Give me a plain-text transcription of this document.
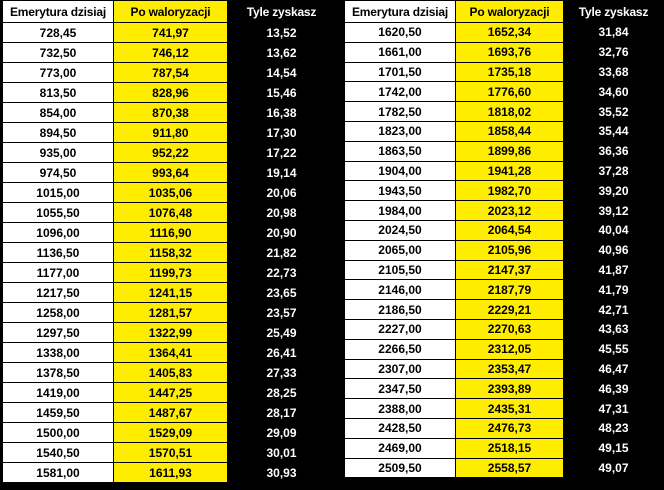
Emerytura dzisiaj	Po waloryzacji	Tyle zyskasz
728,45	741,97	13,52
732,50	746,12	13,62
773,00	787,54	14,54
813,50	828,96	15,46
854,00	870,38	16,38
894,50	911,80	17,30
935,00	952,22	17,22
974,50	993,64	19,14
1015,00	1035,06	20,06
1055,50	1076,48	20,98
1096,00	1116,90	20,90
1136,50	1158,32	21,82
1177,00	1199,73	22,73
1217,50	1241,15	23,65
1258,00	1281,57	23,57
1297,50	1322,99	25,49
1338,00	1364,41	26,41
1378,50	1405,83	27,33
1419,00	1447,25	28,25
1459,50	1487,67	28,17
1500,00	1529,09	29,09
1540,50	1570,51	30,01
1581,00	1611,93	30,93
Emerytura dzisiaj	Po waloryzacji	Tyle zyskasz
1620,50	1652,34	31,84
1661,00	1693,76	32,76
1701,50	1735,18	33,68
1742,00	1776,60	34,60
1782,50	1818,02	35,52
1823,00	1858,44	35,44
1863,50	1899,86	36,36
1904,00	1941,28	37,28
1943,50	1982,70	39,20
1984,00	2023,12	39,12
2024,50	2064,54	40,04
2065,00	2105,96	40,96
2105,50	2147,37	41,87
2146,00	2187,79	41,79
2186,50	2229,21	42,71
2227,00	2270,63	43,63
2266,50	2312,05	45,55
2307,00	2353,47	46,47
2347,50	2393,89	46,39
2388,00	2435,31	47,31
2428,50	2476,73	48,23
2469,00	2518,15	49,15
2509,50	2558,57	49,07
